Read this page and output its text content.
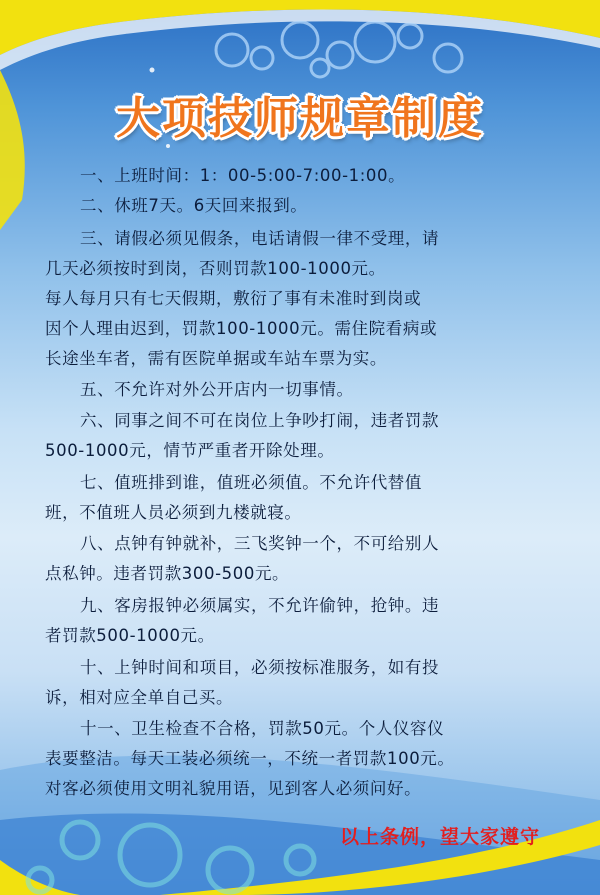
大项技师规章制度
一、上班时间：1：00-5:00-7:00-1:00。
二、休班7天。6天回来报到。
三、请假必须见假条，电话请假一律不受理，请
几天必须按时到岗，否则罚款100-1000元。
每人每月只有七天假期，敷衍了事有未准时到岗或
因个人理由迟到，罚款100-1000元。需住院看病或
长途坐车者，需有医院单据或车站车票为实。
五、不允许对外公开店内一切事情。
六、同事之间不可在岗位上争吵打闹，违者罚款
500-1000元，情节严重者开除处理。
七、值班排到谁，值班必须值。不允许代替值
班，不值班人员必须到九楼就寝。
八、点钟有钟就补，三飞奖钟一个，不可给别人
点私钟。违者罚款300-500元。
九、客房报钟必须属实，不允许偷钟，抢钟。违
者罚款500-1000元。
十、上钟时间和项目，必须按标准服务，如有投
诉，相对应全单自己买。
十一、卫生检查不合格，罚款50元。个人仪容仪
表要整洁。每天工装必须统一，不统一者罚款100元。
对客必须使用文明礼貌用语，见到客人必须问好。
以上条例，望大家遵守
